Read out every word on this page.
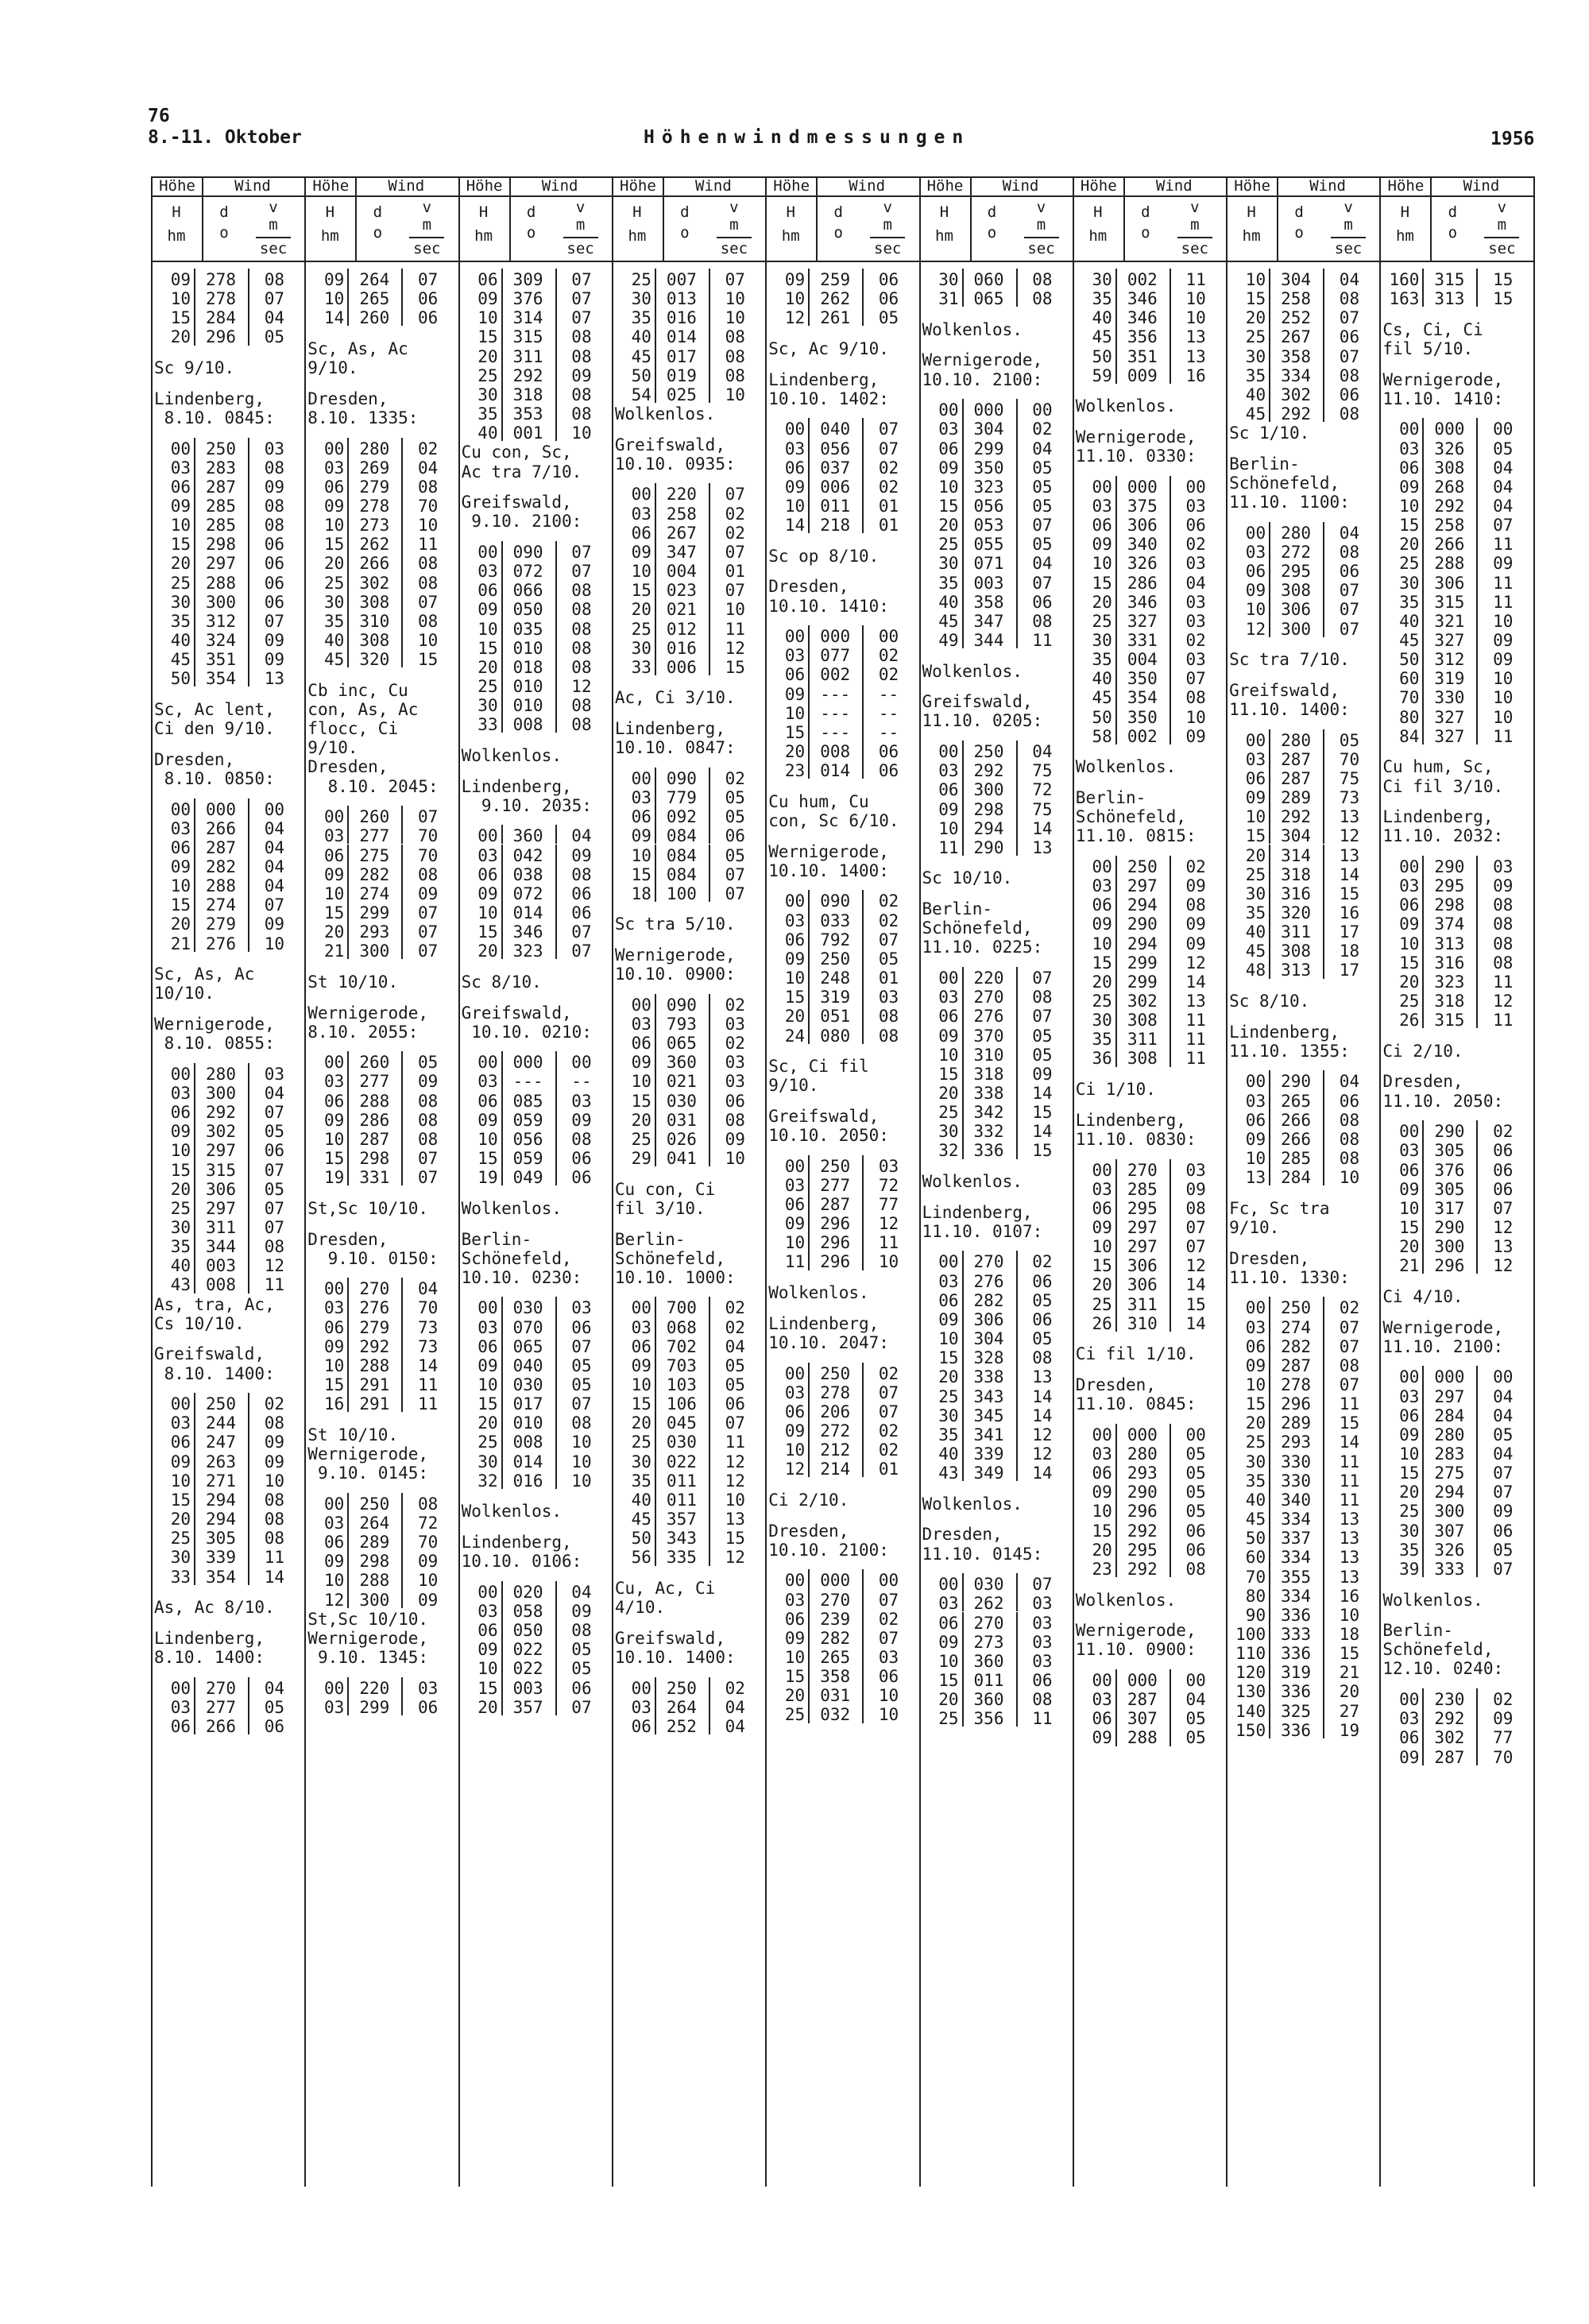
76
8.-11. Oktober	Höhenwindmessungen	1956
Höhe	Wind
H
hm
d
o
v
m
sec
09 278	08
10 278	07
15 284	04
20 296	05
Sc 9/10.
Lindenberg,
8.10. 0845:
00 250	03
03 283	08
06 287	09
09 285	08
10 285	08
15 298	06
20 297	06
25 288	06
30 300	06
35 312	07
40 324	09
45 351	09
50 354	13
Sc, Ac lent,
Ci den 9/10.
Dresden,
8.10. 0850:
00 000	00
03 266	04
06 287	04
09 282	04
10 288	04
15 274	07
20 279	09
21 276	10
Sc, As, Ac
10/10.
Wernigerode,
8.10. 0855:
00 280	03
03 300	04
06 292	07
09 302	05
10 297	06
15 315	07
20 306	05
25 297	07
30 311	07
35 344	08
40 003	12
43 008	11
As, tra, Ac,
Cs 10/10.
Greifswald,
8.10. 1400:
00 250	02
03 244	08
06 247	09
09 263	09
10 271	10
15 294	08
20 294	08
25 305	08
30 339	11
33 354	14
As, Ac 8/10.
Lindenberg,
8.10. 1400:
00 270	04
03 277	05
06 266	06
Höhe	Wind
H
hm
d
o
v
m
sec
09 264	07
10 265	06
14 260	06
Sc, As, Ac
9/10.
Dresden,
8.10. 1335:
00 280	02
03 269	04
06 279	08
09 278	70
10 273	10
15 262	11
20 266	08
25 302	08
30 308	07
35 310	08
40 308	10
45 320	15
Cb inc, Cu
con, As, Ac
flocc, Ci
9/10.
Dresden,
8.10. 2045:
00 260	07
03 277	70
06 275	70
09 282	08
10 274	09
15 299	07
20 293	07
21 300	07
St 10/10.
Wernigerode,
8.10. 2055:
00 260	05
03 277	09
06 288	08
09 286	08
10 287	08
15 298	07
19 331	07
St,Sc 10/10.
Dresden,
9.10. 0150:
00 270	04
03 276	70
06 279	73
09 292	73
10 288	14
15 291	11
16 291	11
St 10/10.
Wernigerode,
9.10. 0145:
00 250	08
03 264	72
06 289	70
09 298	09
10 288	10
12 300	09
St,Sc 10/10.
Wernigerode,
9.10. 1345:
00 220	03
03 299	06
Höhe	Wind
H
hm
d
o
v
m
sec
06 309	07
09 376	07
10 314	07
15 315	08
20 311	08
25 292	09
30 318	08
35 353	08
40 001	10
Cu con, Sc,
Ac tra 7/10.
Greifswald,
9.10. 2100:
00 090	07
03 072	07
06 066	08
09 050	08
10 035	08
15 010	08
20 018	08
25 010	12
30 010	08
33 008	08
Wolkenlos.
Lindenberg,
9.10. 2035:
00 360	04
03 042	09
06 038	08
09 072	06
10 014	06
15 346	07
20 323	07
Sc 8/10.
Greifswald,
10.10. 0210:
00 000	00
03 ---	--
06 085	03
09 059	09
10 056	08
15 059	06
19 049	06
Wolkenlos.
Berlin-
Schönefeld,
10.10. 0230:
00 030	03
03 070	06
06 065	07
09 040	05
10 030	05
15 017	07
20 010	08
25 008	10
30 014	10
32 016	10
Wolkenlos.
Lindenberg,
10.10. 0106:
00 020	04
03 058	09
06 050	08
09 022	05
10 022	05
15 003	06
20 357	07
Höhe	Wind
H
hm
d
o
v
m
sec
25 007	07
30 013	10
35 016	10
40 014	08
45 017	08
50 019	08
54 025	10
Wolkenlos.
Greifswald,
10.10. 0935:
00 220	07
03 258	02
06 267	02
09 347	07
10 004	01
15 023	07
20 021	10
25 012	11
30 016	12
33 006	15
Ac, Ci 3/10.
Lindenberg,
10.10. 0847:
00 090	02
03 779	05
06 092	05
09 084	06
10 084	05
15 084	07
18 100	07
Sc tra 5/10.
Wernigerode,
10.10. 0900:
00 090	02
03 793	03
06 065	02
09 360	03
10 021	03
15 030	06
20 031	08
25 026	09
29 041	10
Cu con, Ci
fil 3/10.
Berlin-
Schönefeld,
10.10. 1000:
00 700	02
03 068	02
06 702	04
09 703	05
10 103	05
15 106	06
20 045	07
25 030	11
30 022	12
35 011	12
40 011	10
45 357	13
50 343	15
56 335	12
Cu, Ac, Ci
4/10.
Greifswald,
10.10. 1400:
00 250	02
03 264	04
06 252	04
Höhe	Wind
H
hm
d
o
v
m
sec
09 259	06
10 262	06
12 261	05
Sc, Ac 9/10.
Lindenberg,
10.10. 1402:
00 040	07
03 056	07
06 037	02
09 006	02
10 011	01
14 218	01
Sc op 8/10.
Dresden,
10.10. 1410:
00 000	00
03 077	02
06 002	02
09 ---	--
10 ---	--
15 ---	--
20 008	06
23 014	06
Cu hum, Cu
con, Sc 6/10.
Wernigerode,
10.10. 1400:
00 090	02
03 033	02
06 792	07
09 250	05
10 248	01
15 319	03
20 051	08
24 080	08
Sc, Ci fil
9/10.
Greifswald,
10.10. 2050:
00 250	03
03 277	72
06 287	77
09 296	12
10 296	11
11 296	10
Wolkenlos.
Lindenberg,
10.10. 2047:
00 250	02
03 278	07
06 206	07
09 272	02
10 212	02
12 214	01
Ci 2/10.
Dresden,
10.10. 2100:
00 000	00
03 270	07
06 239	02
09 282	07
10 265	03
15 358	06
20 031	10
25 032	10
Höhe	Wind
H
hm
d
o
v
m
sec
30 060	08
31 065	08
Wolkenlos.
Wernigerode,
10.10. 2100:
00 000	00
03 304	02
06 299	04
09 350	05
10 323	05
15 056	05
20 053	07
25 055	05
30 071	04
35 003	07
40 358	06
45 347	08
49 344	11
Wolkenlos.
Greifswald,
11.10. 0205:
00 250	04
03 292	75
06 300	72
09 298	75
10 294	14
11 290	13
Sc 10/10.
Berlin-
Schönefeld,
11.10. 0225:
00 220	07
03 270	08
06 276	07
09 370	05
10 310	05
15 318	09
20 338	14
25 342	15
30 332	14
32 336	15
Wolkenlos.
Lindenberg,
11.10. 0107:
00 270	02
03 276	06
06 282	05
09 306	06
10 304	05
15 328	08
20 338	13
25 343	14
30 345	14
35 341	12
40 339	12
43 349	14
Wolkenlos.
Dresden,
11.10. 0145:
00 030	07
03 262	03
06 270	03
09 273	03
10 360	03
15 011	06
20 360	08
25 356	11
Höhe	Wind
H
hm
d
o
v
m
sec
30 002	11
35 346	10
40 346	10
45 356	13
50 351	13
59 009	16
Wolkenlos.
Wernigerode,
11.10. 0330:
00 000	00
03 375	03
06 306	06
09 340	02
10 326	03
15 286	04
20 346	03
25 327	03
30 331	02
35 004	03
40 350	07
45 354	08
50 350	10
58 002	09
Wolkenlos.
Berlin-
Schönefeld,
11.10. 0815:
00 250	02
03 297	09
06 294	08
09 290	09
10 294	09
15 299	12
20 299	14
25 302	13
30 308	11
35 311	11
36 308	11
Ci 1/10.
Lindenberg,
11.10. 0830:
00 270	03
03 285	09
06 295	08
09 297	07
10 297	07
15 306	12
20 306	14
25 311	15
26 310	14
Ci fil 1/10.
Dresden,
11.10. 0845:
00 000	00
03 280	05
06 293	05
09 290	05
10 296	05
15 292	06
20 295	06
23 292	08
Wolkenlos.
Wernigerode,
11.10. 0900:
00 000	00
03 287	04
06 307	05
09 288	05
Höhe	Wind
H
hm
d
o
v
m
sec
10 304	04
15 258	08
20 252	07
25 267	06
30 358	07
35 334	08
40 302	06
45 292	08
Sc 1/10.
Berlin-
Schönefeld,
11.10. 1100:
00 280	04
03 272	08
06 295	06
09 308	07
10 306	07
12 300	07
Sc tra 7/10.
Greifswald,
11.10. 1400:
00 280	05
03 287	70
06 287	75
09 289	73
10 292	13
15 304	12
20 314	13
25 318	14
30 316	15
35 320	16
40 311	17
45 308	18
48 313	17
Sc 8/10.
Lindenberg,
11.10. 1355:
00 290	04
03 265	06
06 266	08
09 266	08
10 285	08
13 284	10
Fc, Sc tra
9/10.
Dresden,
11.10. 1330:
00 250	02
03 274	07
06 282	07
09 287	08
10 278	07
15 296	11
20 289	15
25 293	14
30 330	11
35 330	11
40 340	11
45 334	13
50 337	13
60 334	13
70 355	13
80 334	16
90 336	10
100 333	18
110 336	15
120 319	21
130 336	20
140 325	27
150 336	19
Höhe	Wind
H
hm
d
o
v
m
sec
160 315	15
163 313	15
Cs, Ci, Ci
fil 5/10.
Wernigerode,
11.10. 1410:
00 000	00
03 326	05
06 308	04
09 268	04
10 292	04
15 258	07
20 266	11
25 288	09
30 306	11
35 315	11
40 321	10
45 327	09
50 312	09
60 319	10
70 330	10
80 327	10
84 327	11
Cu hum, Sc,
Ci fil 3/10.
Lindenberg,
11.10. 2032:
00 290	03
03 295	09
06 298	08
09 374	08
10 313	08
15 316	08
20 323	11
25 318	12
26 315	11
Ci 2/10.
Dresden,
11.10. 2050:
00 290	02
03 305	06
06 376	06
09 305	06
10 317	07
15 290	12
20 300	13
21 296	12
Ci 4/10.
Wernigerode,
11.10. 2100:
00 000	00
03 297	04
06 284	04
09 280	05
10 283	04
15 275	07
20 294	07
25 300	09
30 307	06
35 326	05
39 333	07
Wolkenlos.
Berlin-
Schönefeld,
12.10. 0240:
00 230	02
03 292	09
06 302	77
09 287	70
